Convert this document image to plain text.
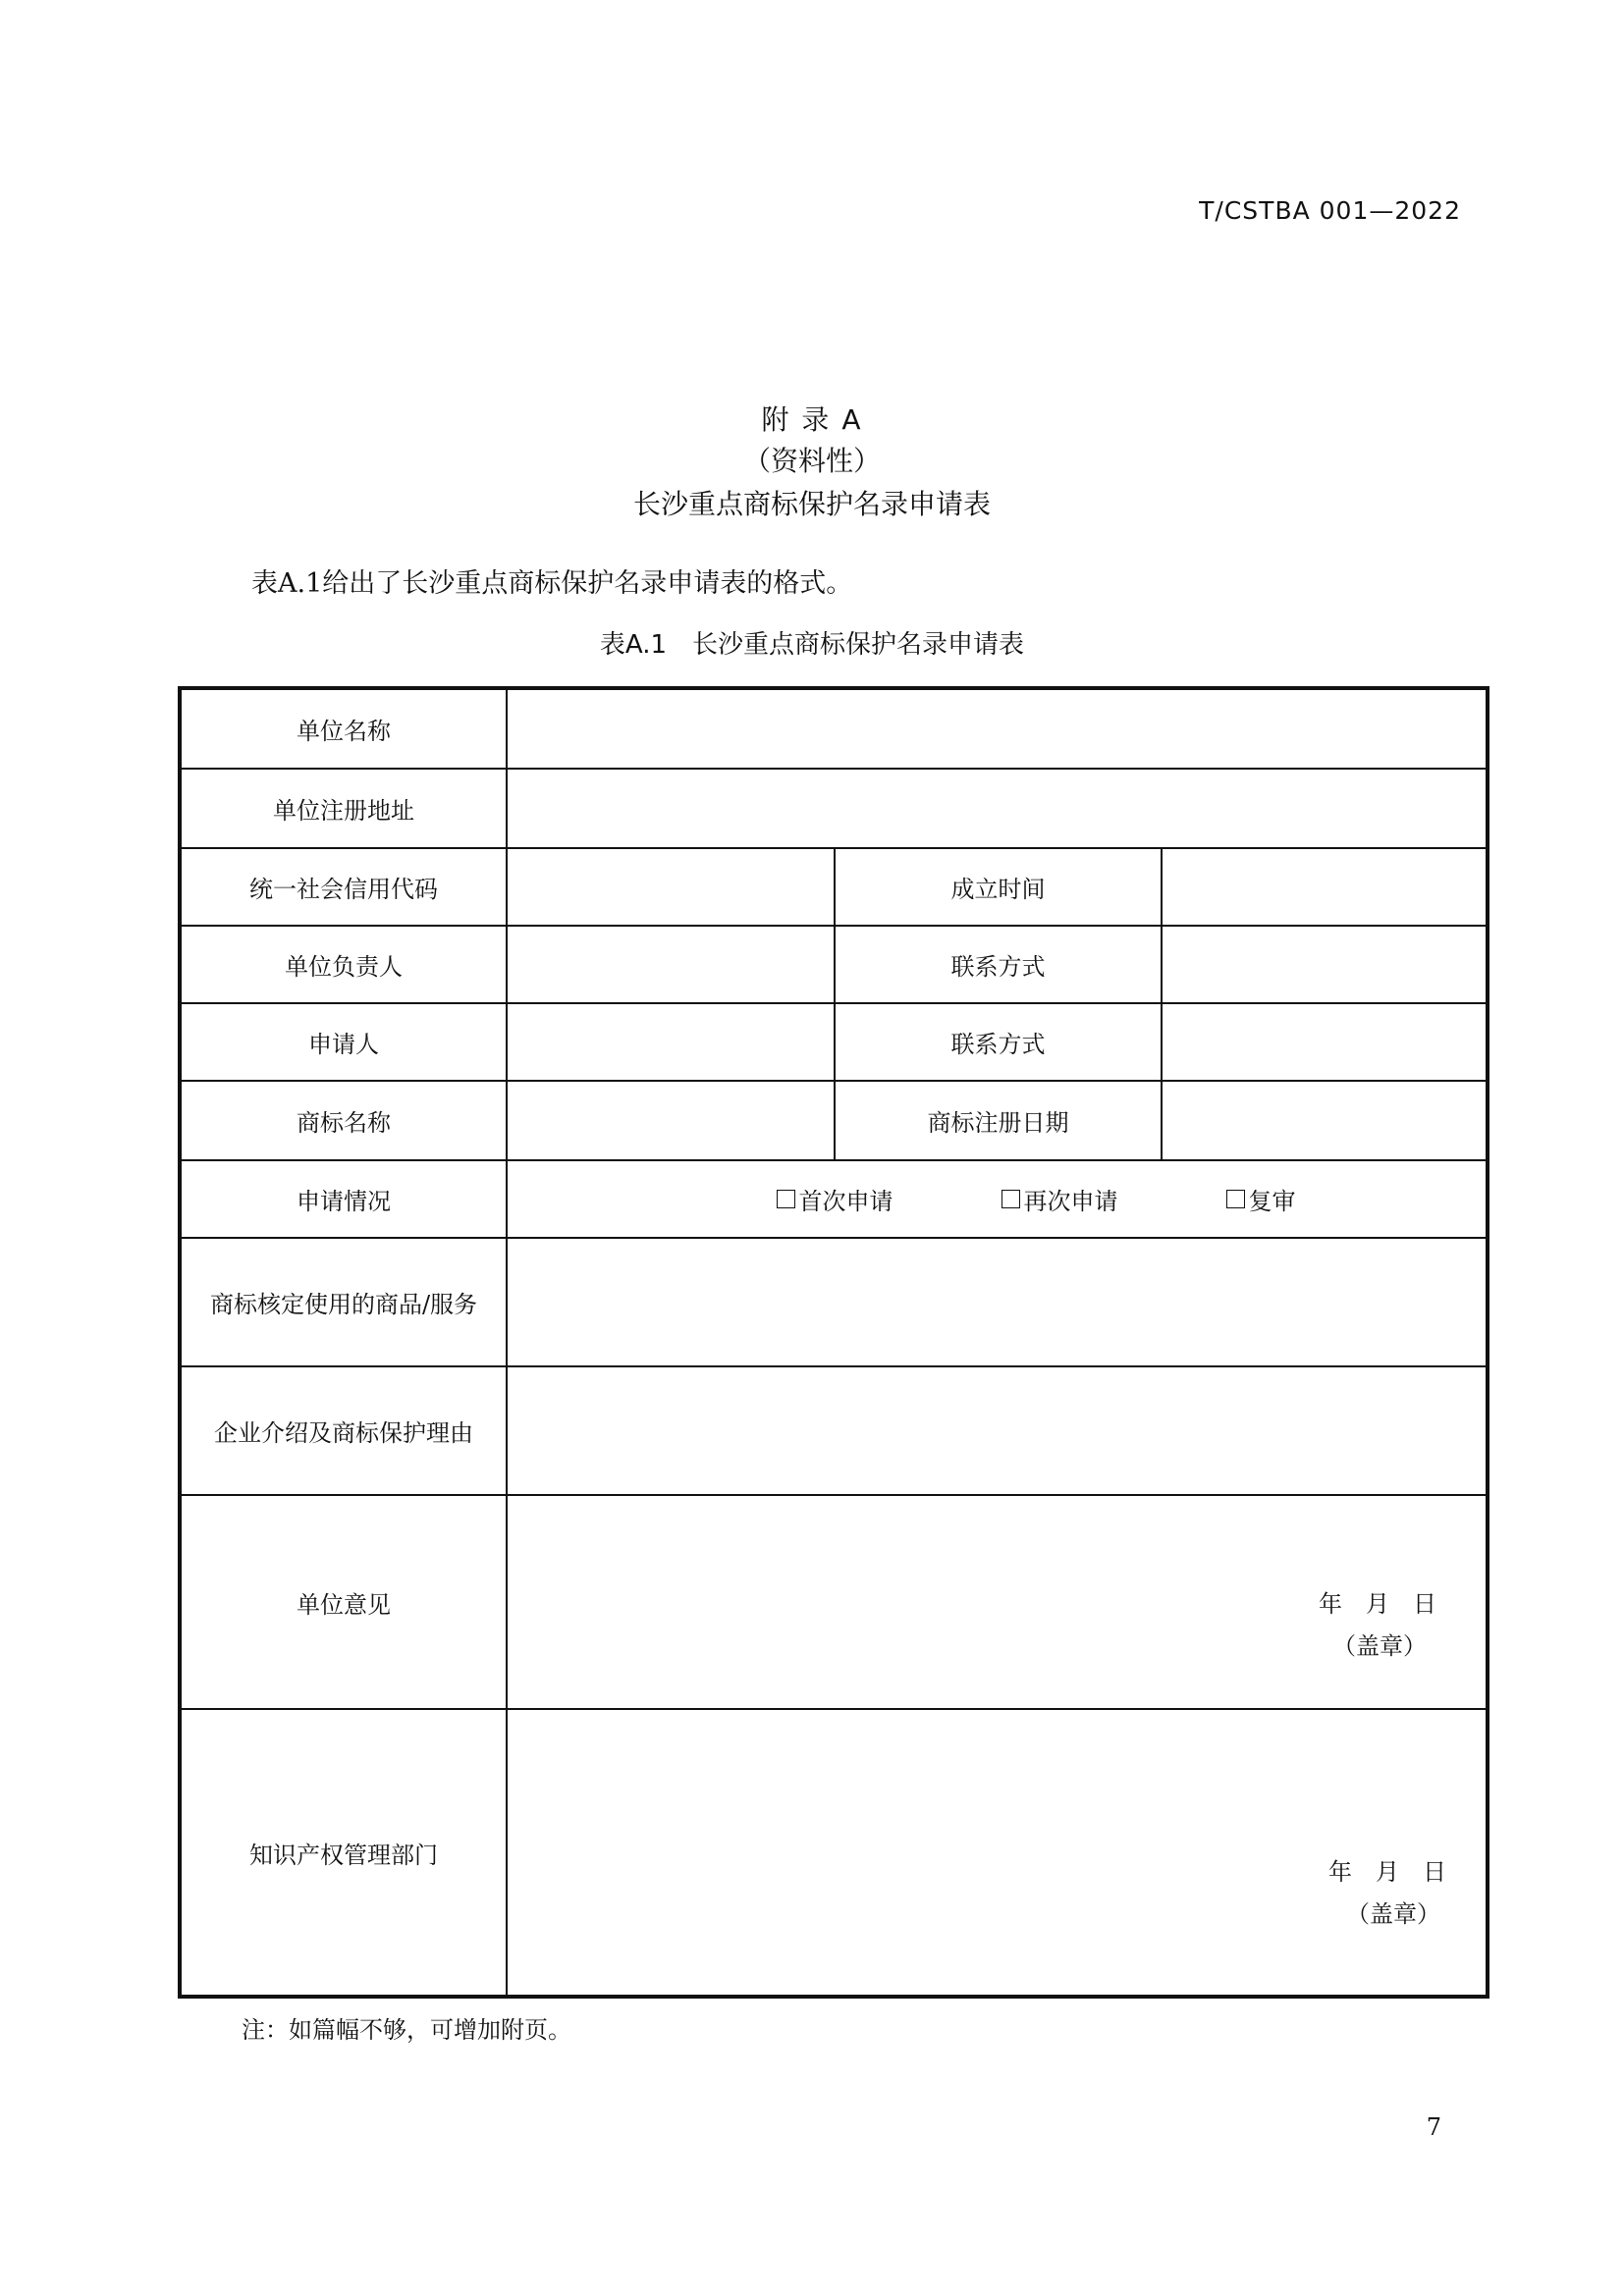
T/CSTBA 001—2022
附 录 A
（资料性）
长沙重点商标保护名录申请表
表A.1给出了长沙重点商标保护名录申请表的格式。
表A.1　长沙重点商标保护名录申请表
单位名称			
单位注册地址			
统一社会信用代码		成立时间	
单位负责人		联系方式	
申请人		联系方式	
商标名称		商标注册日期	
申请情况	首次申请 再次申请 复审		

商标核定使用的商品/服务			
企业介绍及商标保护理由			
单位意见	年　月　日
（盖章）		

知识产权管理部门	年　月　日
（盖章）		
注：如篇幅不够，可增加附页。
7
